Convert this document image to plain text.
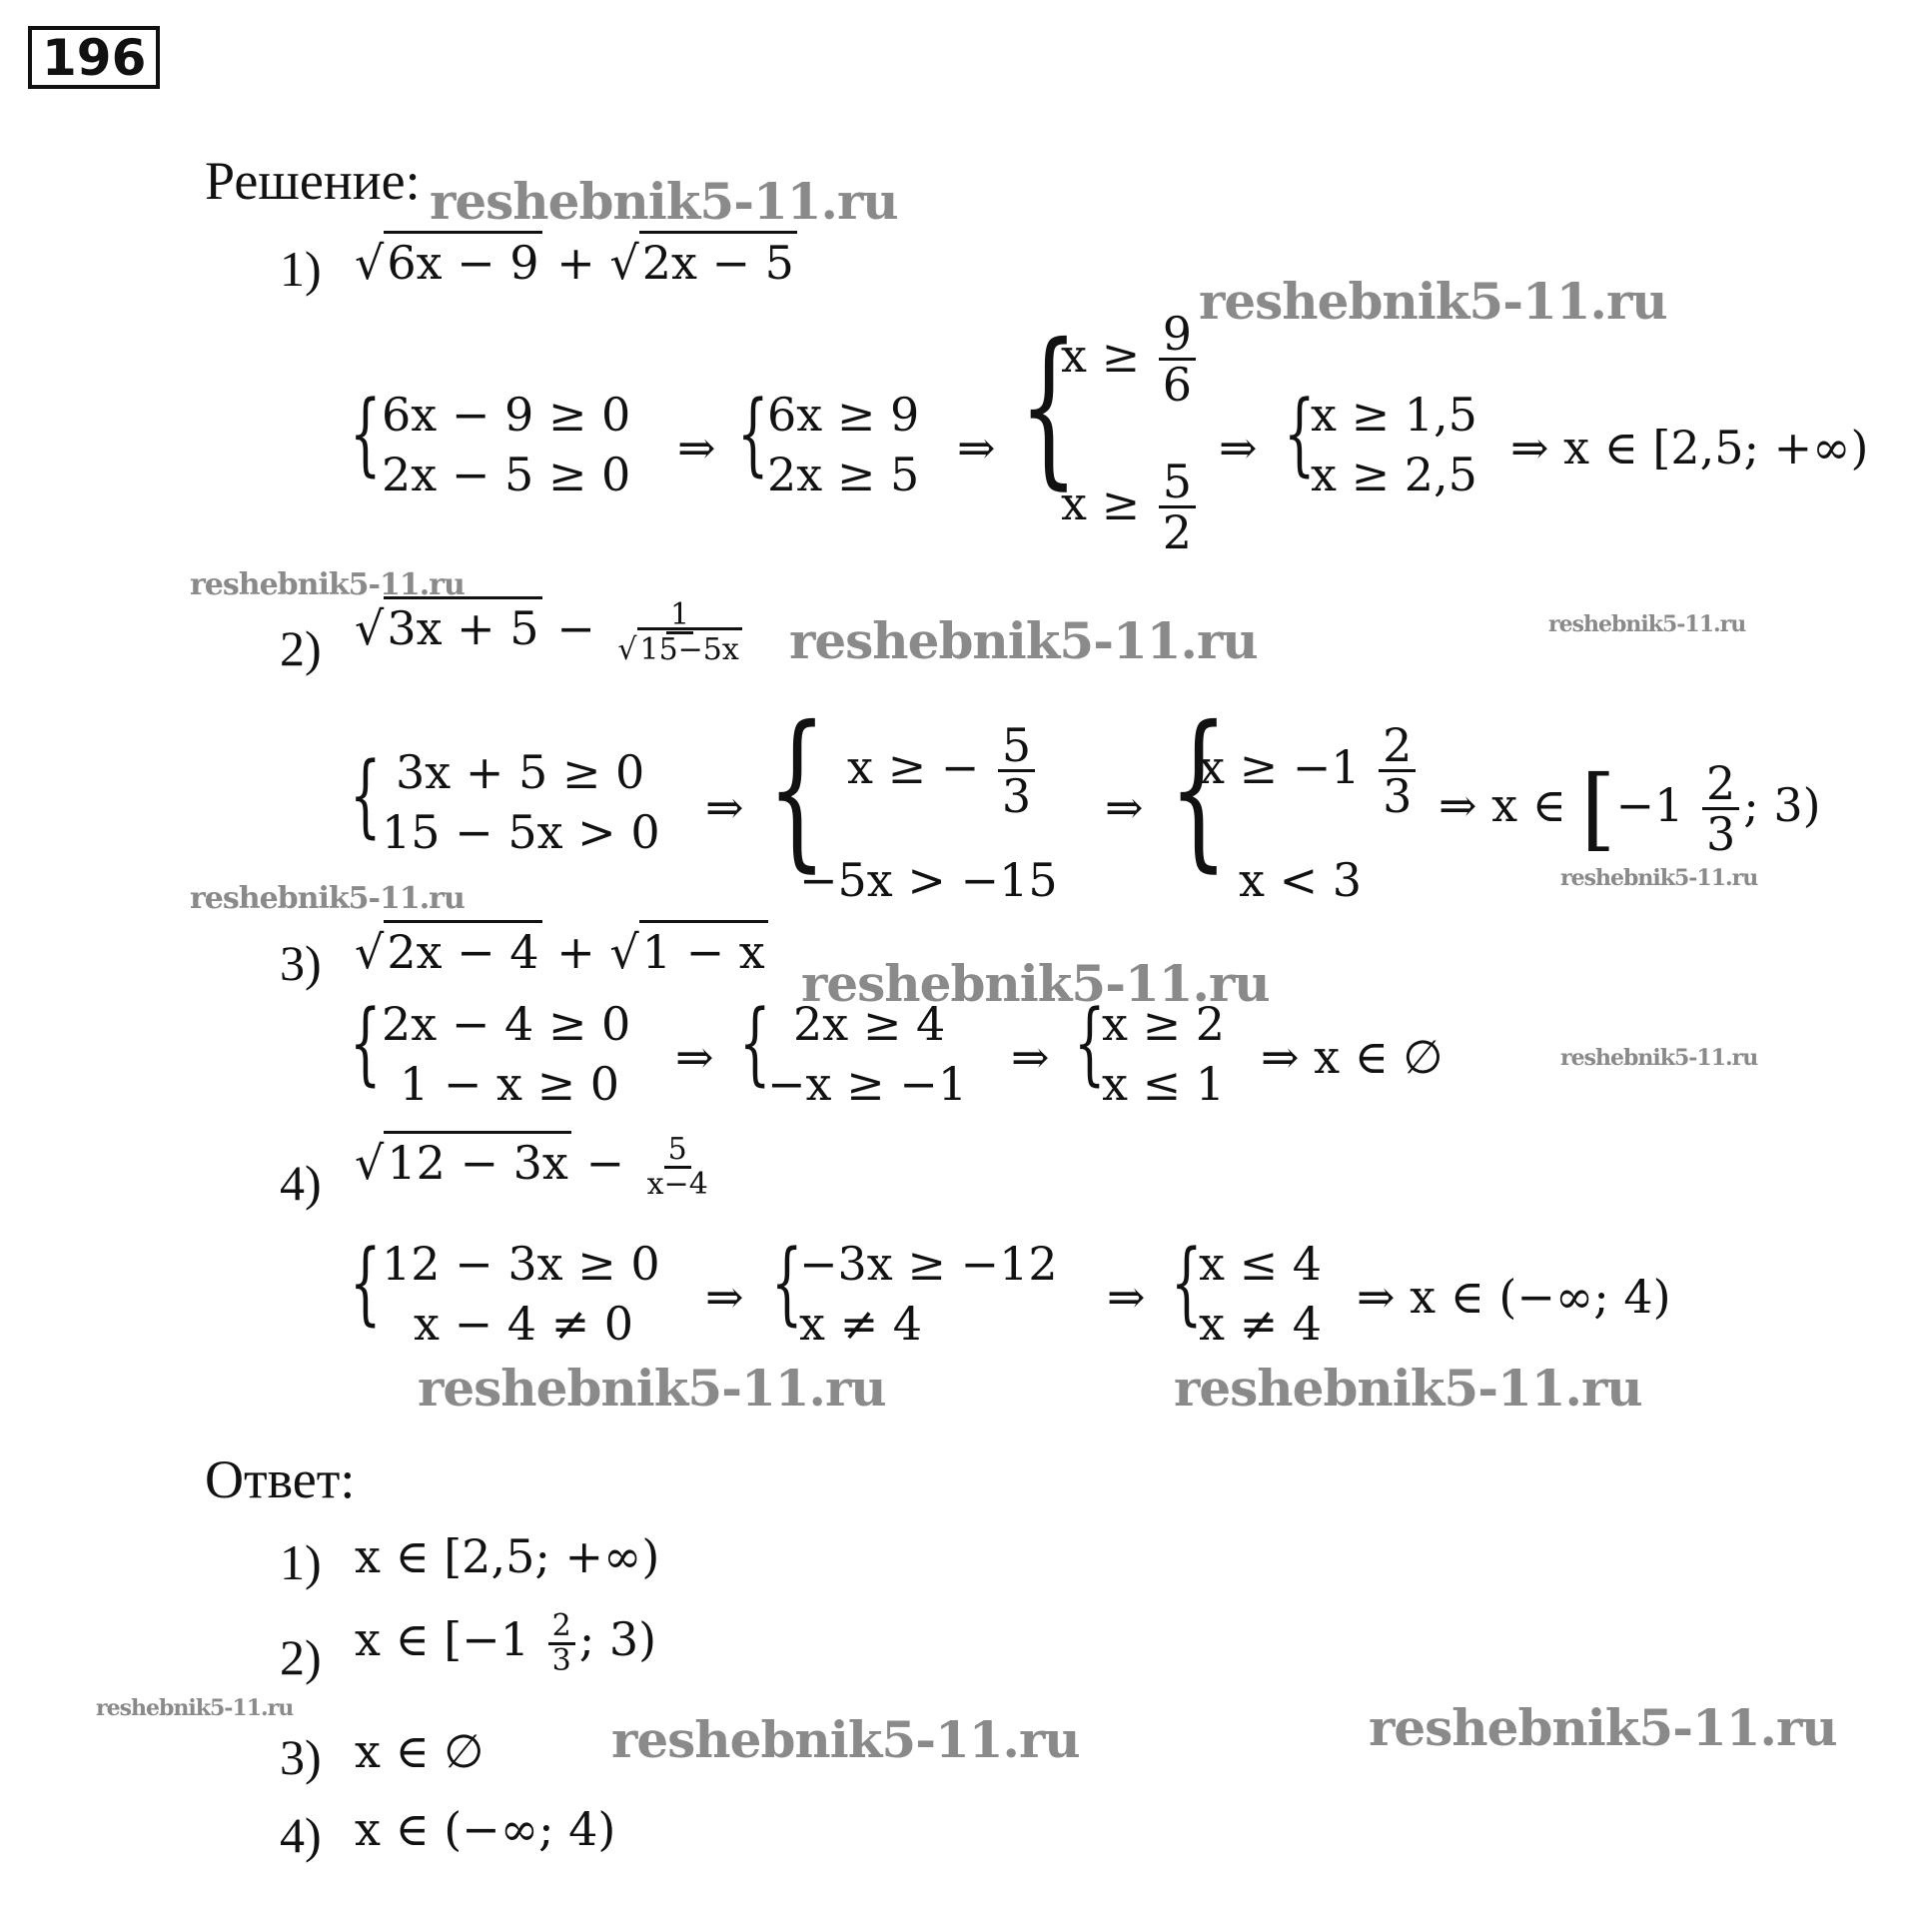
196
Решение: reshebnik5-11.ru
reshebnik5-11.ru
reshebnik5-11.ru
reshebnik5-11.ru	reshebnik5-11.ru
reshebnik5-11.ru
reshebnik5-11.ru
reshebnik5-11.ru
reshebnik5-11.ru
reshebnik5-11.ru	reshebnik5-11.ru
reshebnik5-11.ru
reshebnik5-11.ru	reshebnik5-11.ru
1) √6x − 9 + √2x − 5
{ 6x − 9 ≥ 0
2x − 5 ≥ 0 ⇒ {
6x ≥ 9
2x ≥ 5 ⇒ {
$x \ge \frac{9}{6}$
$x \ge \frac{5}{2}$
⇒ {
x ≥ 1,5
x ≥ 2,5 ⇒ x ∈ [2,5; +∞)
2) $√3x + 5 - \frac{1}{√ 15-5x}$
{ 3x + 5 ≥ 0
15 − 5x > 0 ⇒ { x ≥ − $\frac{5}{3}$
−5x > −15
⇒ {
$x \ge -1 \frac{2}{3}$
x < 3
⇒ x ∈ [$-1 \frac{2}{3}$ ; 3)
3) √2x − 4 + √1 − x
{ 2x − 4 ≥ 0
1 − x ≥ 0 ⇒ { 2x ≥ 4
−x ≥ −1 ⇒ {
x ≥ 2
x ≤ 1 ⇒ x ∈ ∅
4) $√12 - 3x - \frac{5}{x-4}$
{ 12 − 3x ≥ 0
x − 4 ≠ 0	⇒ {
−3x ≥ −12
x ≠ 4	⇒ {
x ≤ 4
x ≠ 4 ⇒ x ∈ (−∞; 4)
Ответ:
1) x ∈ [2,5; +∞)
2) x ∈ [$-1 \frac{2}{3}$ ; 3)
3) x ∈ ∅
4) x ∈ (−∞; 4)
